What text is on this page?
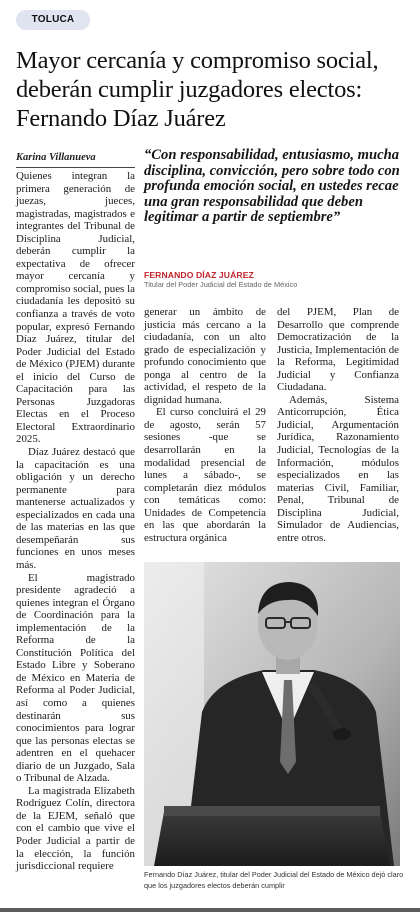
TOLUCA
Mayor cercanía y compromiso social, deberán cumplir juzgadores electos: Fernando Díaz Juárez
Karina Villanueva

Quienes integran la primera generación de juezas, jueces, magistradas, magistrados e integrantes del Tribunal de Disciplina Judicial, deberán cumplir la expectativa de ofrecer mayor cercanía y compromiso social, pues la ciudadanía les depositó su confianza a través de voto popular, expresó Fernando Díaz Juárez, titular del Poder Judicial del Estado de México (PJEM) durante el inicio del Curso de Capacitación para las Personas Juzgadoras Electas en el Proceso Electoral Extraordinario 2025.

Díaz Juárez destacó que la capacitación es una obligación y un derecho permanente para mantenerse actualizados y especializados en cada una de las materias en las que desempeñarán sus funciones en unos meses más.

El magistrado presidente agradeció a quienes integran el Órgano de Coordinación para la implementación de la Reforma de la Constitución Política del Estado Libre y Soberano de México en Materia de Reforma al Poder Judicial, así como a quienes destinarán sus conocimientos para lograr que las personas electas se adentren en el quehacer diario de un Juzgado, Sala o Tribunal de Alzada.

La magistrada Elizabeth Rodríguez Colín, directora de la EJEM, señaló que con el cambio que vive el Poder Judicial a partir de la elección, la función jurisdiccional requiere

“Con responsabilidad, entusiasmo, mucha disciplina, convicción, pero sobre todo con profunda emoción social, en ustedes recae una gran responsabilidad que deben legitimar a partir de septiembre”
FERNANDO DÍAZ JUÁREZ
Titular del Poder Judicial del Estado de México

generar un ámbito de justicia más cercano a la ciudadanía, con un alto grado de especialización y profundo conocimiento que ponga al centro de la actividad, el respeto de la dignidad humana.

El curso concluirá el 29 de agosto, serán 57 sesiones -que se desarrollarán en la modalidad presencial de lunes a sábado-, se completarán diez módulos con temáticas como: Unidades de Competencia en las que abordarán la estructura orgánica

del PJEM, Plan de Desarrollo que comprende Democratización de la Justicia, Implementación de la Reforma, Legitimidad Judicial y Confianza Ciudadana.

Además, Sistema Anticorrupción, Ética Judicial, Argumentación Jurídica, Razonamiento Judicial, Tecnologías de la Información, módulos especializados en las materias Civil, Familiar, Penal, Tribunal de Disciplina Judicial, Simulador de Audiencias, entre otros.

Fernando Díaz Juárez, titular del Poder Judicial del Estado de México dejó claro que los juzgadores electos deberán cumplir
